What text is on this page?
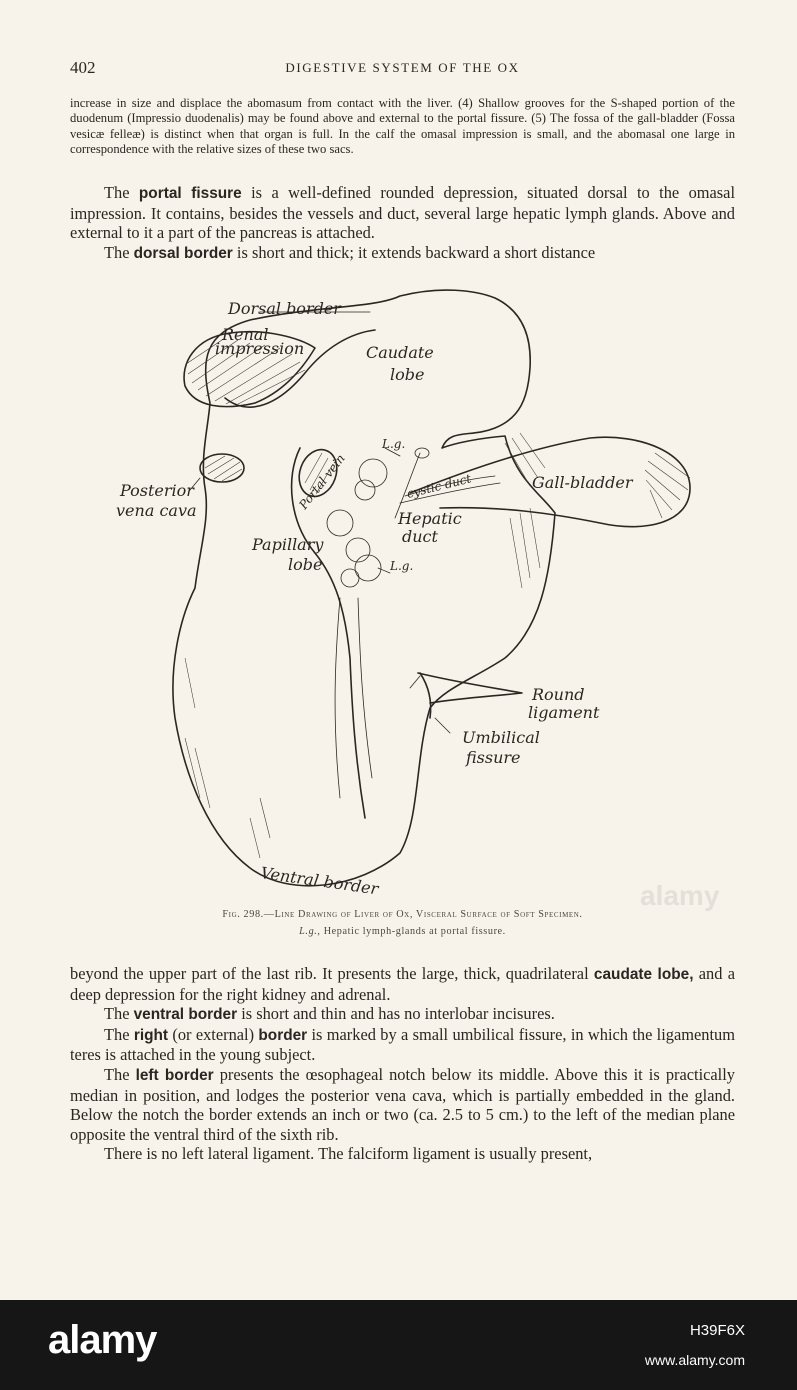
402	DIGESTIVE SYSTEM OF THE OX

increase in size and displace the abomasum from contact with the liver. (4) Shallow grooves for the S-shaped portion of the duodenum (Impressio duodenalis) may be found above and external to the portal fissure. (5) The fossa of the gall-bladder (Fossa vesicæ felleæ) is distinct when that organ is full. In the calf the omasal impression is small, and the abomasal one large in correspondence with the relative sizes of these two sacs.

The portal fissure is a well-defined rounded depression, situated dorsal to the omasal impression. It contains, besides the vessels and duct, several large hepatic lymph glands. Above and external to it a part of the pancreas is attached.

The dorsal border is short and thick; it extends backward a short distance

Dorsal border
Renal
impression	Caudate
lobe
L.g.
Gall-bladder
cystic duct
Posterior
vena cava	Portal vein
Hepatic
duct
Papillary
lobe	L.g.
Round
ligament
Umbilical
fissure
Ventral border
Fig. 298.—Line Drawing of Liver of Ox, Visceral Surface of Soft Specimen.
L.g., Hepatic lymph-glands at portal fissure.

beyond the upper part of the last rib. It presents the large, thick, quadrilateral caudate lobe, and a deep depression for the right kidney and adrenal.

The ventral border is short and thin and has no interlobar incisures.

The right (or external) border is marked by a small umbilical fissure, in which the ligamentum teres is attached in the young subject.

The left border presents the œsophageal notch below its middle. Above this it is practically median in position, and lodges the posterior vena cava, which is partially embedded in the gland. Below the notch the border extends an inch or two (ca. 2.5 to 5 cm.) to the left of the median plane opposite the ventral third of the sixth rib.

There is no left lateral ligament. The falciform ligament is usually present,

alamy
alamy	H39F6X
www.alamy.com
